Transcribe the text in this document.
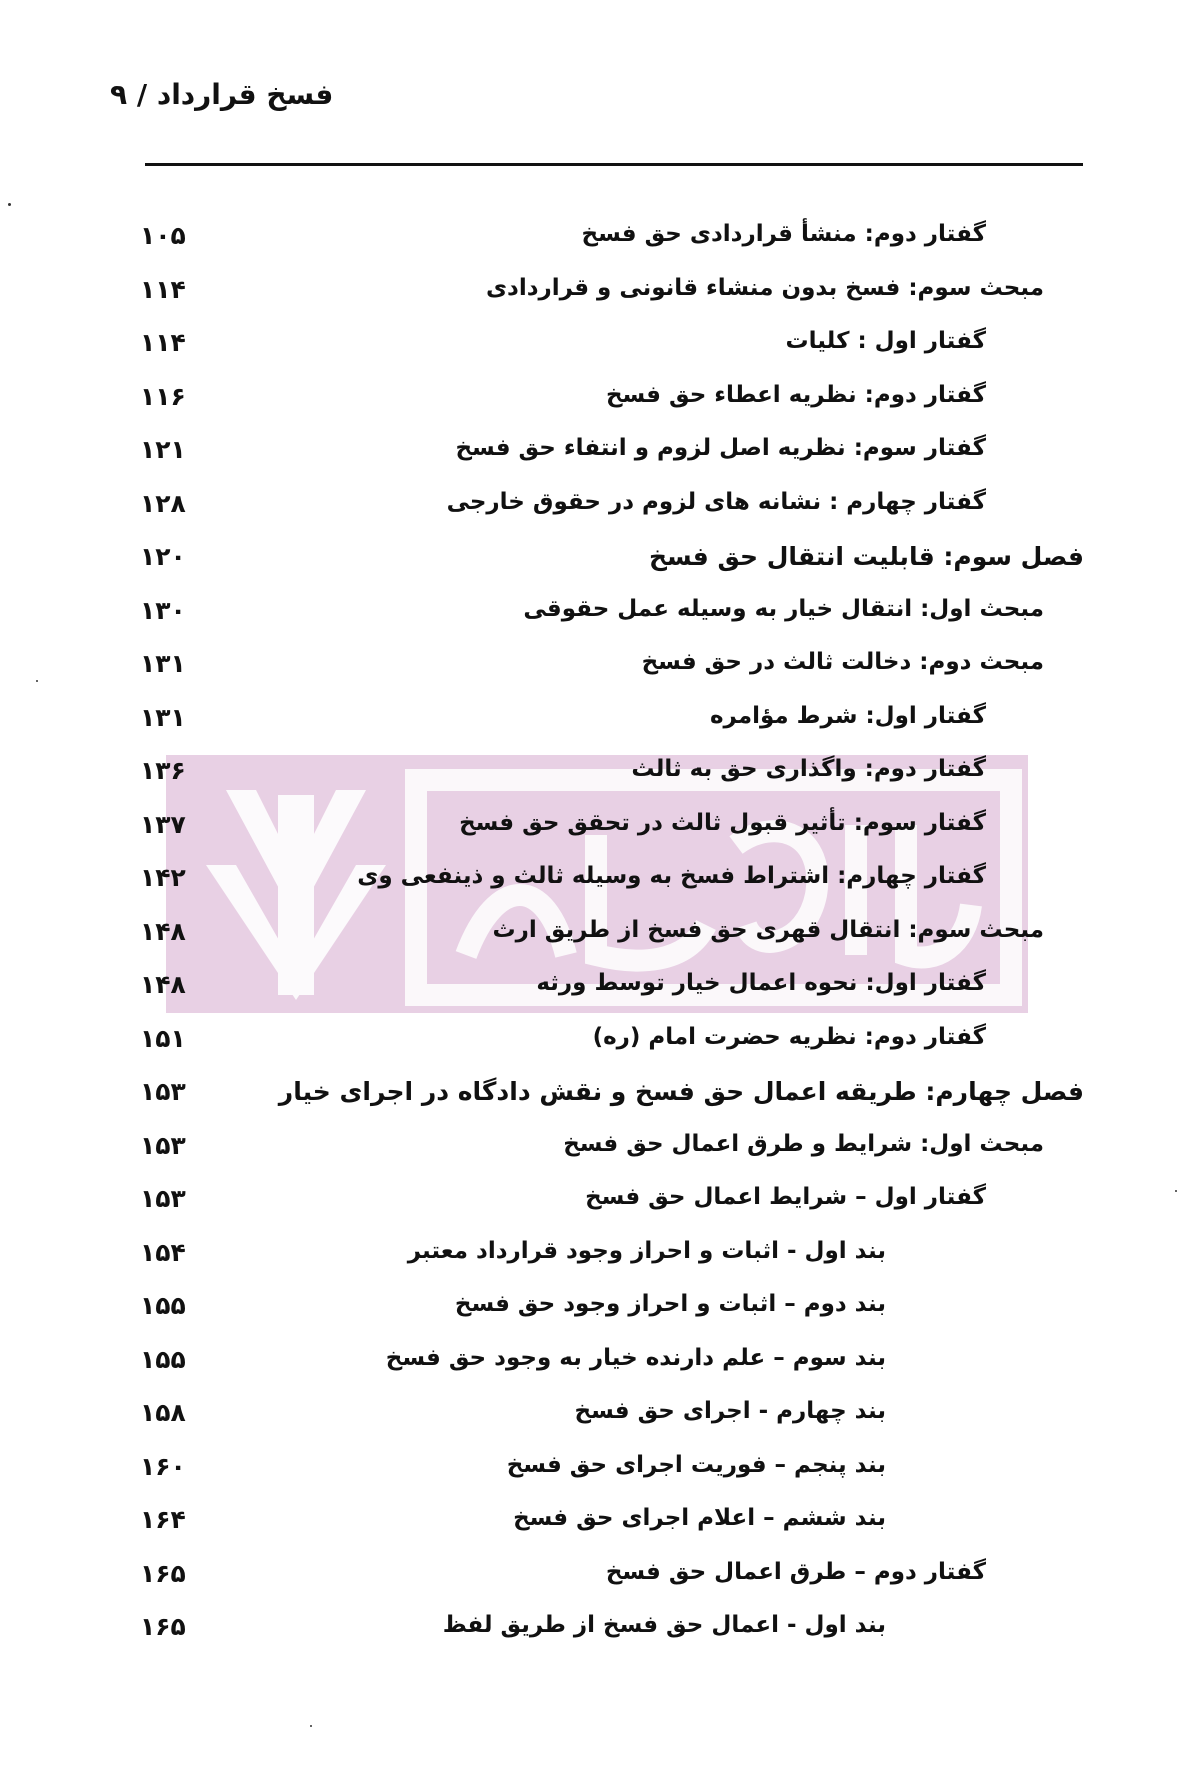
فسخ قرارداد / ۹
گفتار دوم: منشأ قراردادی حق فسخ
۱۰۵
مبحث سوم: فسخ بدون منشاء قانونی و قراردادی
۱۱۴
گفتار اول : کلیات
۱۱۴
گفتار دوم: نظریه اعطاء حق فسخ
۱۱۶
گفتار سوم: نظریه اصل لزوم و انتفاء حق فسخ
۱۲۱
گفتار چهارم : نشانه های لزوم در حقوق خارجی
۱۲۸
فصل سوم: قابلیت انتقال حق فسخ
۱۲۰
مبحث اول: انتقال خیار به وسیله عمل حقوقی
۱۳۰
مبحث دوم: دخالت ثالث در حق فسخ
۱۳۱
گفتار اول: شرط مؤامره
۱۳۱
گفتار دوم: واگذاری حق به ثالث
۱۳۶
گفتار سوم: تأثیر قبول ثالث در تحقق حق فسخ
۱۳۷
گفتار چهارم: اشتراط فسخ به وسیله ثالث و ذینفعی وی
۱۴۲
مبحث سوم: انتقال قهری حق فسخ از طریق ارث
۱۴۸
گفتار اول: نحوه اعمال خیار توسط ورثه
۱۴۸
گفتار دوم: نظریه حضرت امام (ره)
۱۵۱
فصل چهارم: طریقه اعمال حق فسخ و نقش دادگاه در اجرای خیار
۱۵۳
مبحث اول: شرایط و طرق اعمال حق فسخ
۱۵۳
گفتار اول – شرایط اعمال حق فسخ
۱۵۳
بند اول - اثبات و احراز وجود قرارداد معتبر
۱۵۴
بند دوم – اثبات و احراز وجود حق فسخ
۱۵۵
بند سوم – علم دارنده خیار به وجود حق فسخ
۱۵۵
بند چهارم - اجرای حق فسخ
۱۵۸
بند پنجم – فوریت اجرای حق فسخ
۱۶۰
بند ششم – اعلام اجرای حق فسخ
۱۶۴
گفتار دوم – طرق اعمال حق فسخ
۱۶۵
بند اول - اعمال حق فسخ از طریق لفظ
۱۶۵
